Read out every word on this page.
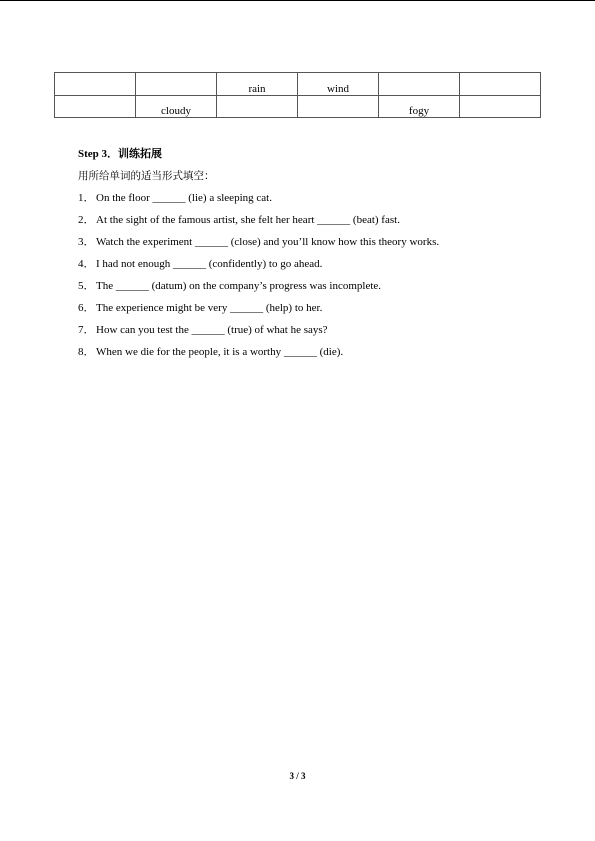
		rain	wind		
	cloudy			fogy	
Step 3．训练拓展
用所给单词的适当形式填空：
1． On the floor ______ (lie) a sleeping cat.
2． At the sight of the famous artist, she felt her heart ______ (beat) fast.
3． Watch the experiment ______ (close) and you’ll know how this theory works.
4． I had not enough ______ (confidently) to go ahead.
5． The ______ (datum) on the company’s progress was incomplete.
6． The experience might be very ______ (help) to her.
7． How can you test the ______ (true) of what he says?
8． When we die for the people, it is a worthy ______ (die).
3 / 3
